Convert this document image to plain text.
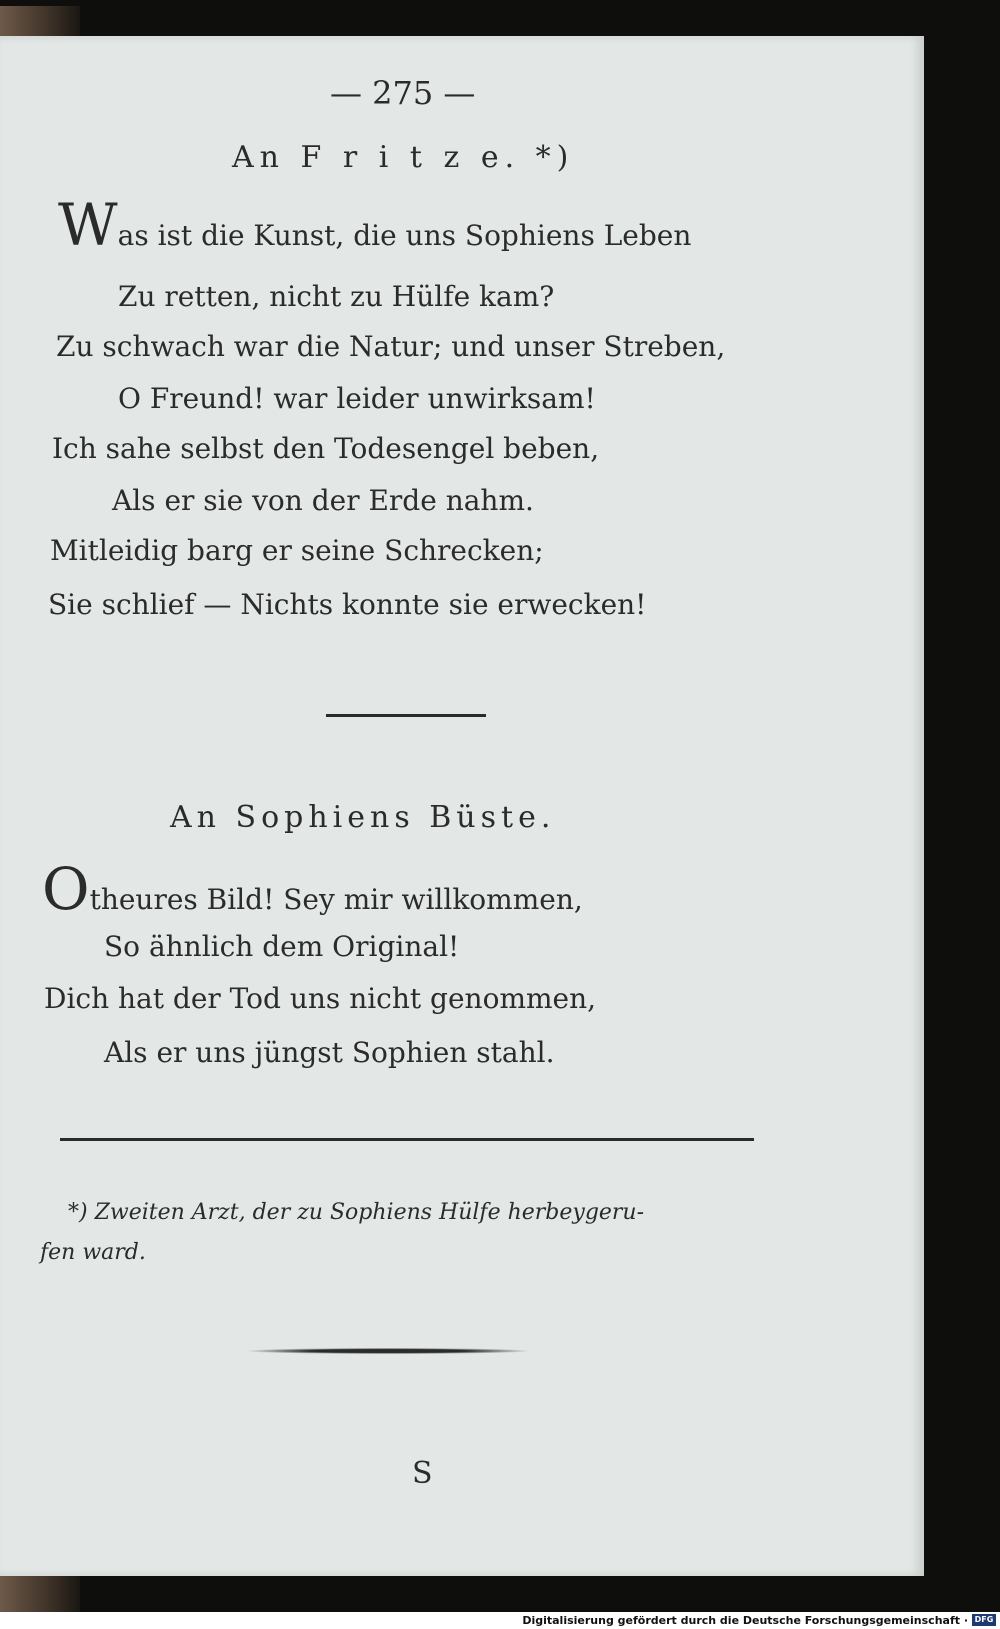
— 275 —
An F r i t z e. *)
Was ist die Kunst, die uns Sophiens Leben
Zu retten, nicht zu Hülfe kam?
Zu schwach war die Natur; und unser Streben,
O Freund! war leider unwirksam!
Ich sahe selbst den Todesengel beben,
Als er sie von der Erde nahm.
Mitleidig barg er seine Schrecken;
Sie schlief — Nichts konnte sie erwecken!
An Sophiens Büste.
Otheures Bild! Sey mir willkommen,
So ähnlich dem Original!
Dich hat der Tod uns nicht genommen,
Als er uns jüngst Sophien stahl.
*) Zweiten Arzt, der zu Sophiens Hülfe herbeygeru-
fen ward.
S
Digitalisierung gefördert durch die Deutsche Forschungsgemeinschaft · DFG
